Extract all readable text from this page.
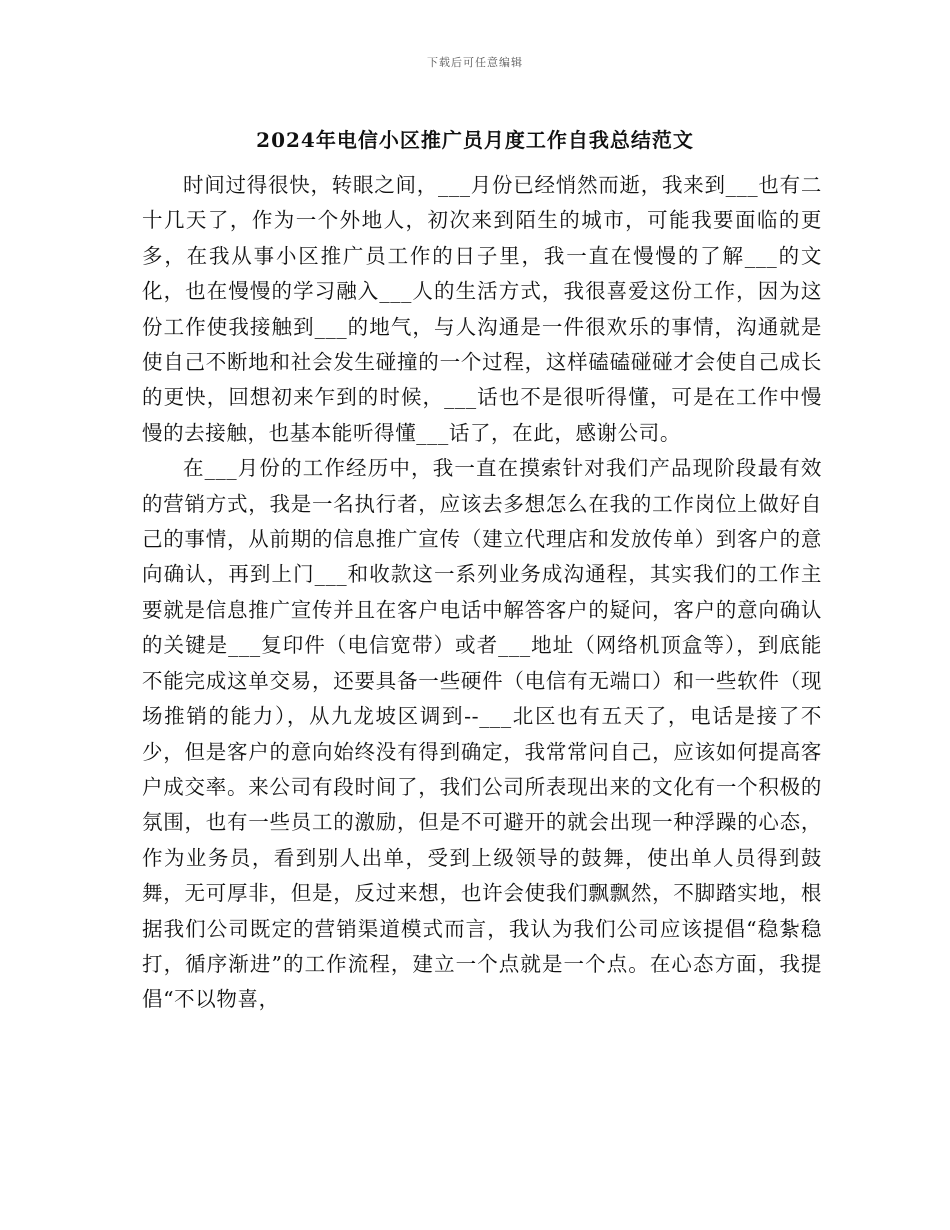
下载后可任意编辑
2024年电信小区推广员月度工作自我总结范文

时间过得很快，转眼之间，___月份已经悄然而逝，我来到___也有二十几天了，作为一个外地人，初次来到陌生的城市，可能我要面临的更多，在我从事小区推广员工作的日子里，我一直在慢慢的了解___的文化，也在慢慢的学习融入___人的生活方式，我很喜爱这份工作，因为这份工作使我接触到___的地气，与人沟通是一件很欢乐的事情，沟通就是使自己不断地和社会发生碰撞的一个过程，这样磕磕碰碰才会使自己成长的更快，回想初来乍到的时候，___话也不是很听得懂，可是在工作中慢慢的去接触，也基本能听得懂___话了，在此，感谢公司。

在___月份的工作经历中，我一直在摸索针对我们产品现阶段最有效的营销方式，我是一名执行者，应该去多想怎么在我的工作岗位上做好自己的事情，从前期的信息推广宣传（建立代理店和发放传单）到客户的意向确认，再到上门___和收款这一系列业务成沟通程，其实我们的工作主要就是信息推广宣传并且在客户电话中解答客户的疑问，客户的意向确认的关键是___复印件（电信宽带）或者___地址（网络机顶盒等），到底能不能完成这单交易，还要具备一些硬件（电信有无端口）和一些软件（现场推销的能力），从九龙坡区调到--___北区也有五天了，电话是接了不少，但是客户的意向始终没有得到确定，我常常问自己，应该如何提高客户成交率。来公司有段时间了，我们公司所表现出来的文化有一个积极的氛围，也有一些员工的激励，但是不可避开的就会出现一种浮躁的心态，作为业务员，看到别人出单，受到上级领导的鼓舞，使出单人员得到鼓舞，无可厚非，但是，反过来想，也许会使我们飘飘然，不脚踏实地，根据我们公司既定的营销渠道模式而言，我认为我们公司应该提倡“稳紮稳打，循序渐进”的工作流程，建立一个点就是一个点。在心态方面，我提倡“不以物喜，
